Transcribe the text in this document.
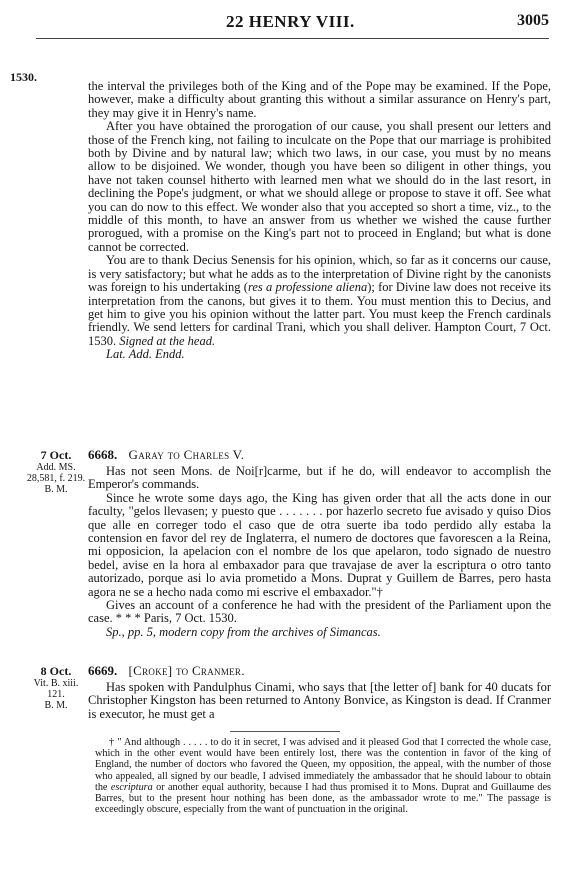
22 HENRY VIII.	3005
1530.

the interval the privileges both of the King and of the Pope may be examined. If the Pope, however, make a difficulty about granting this without a similar assurance on Henry's part, they may give it in Henry's name.

After you have obtained the prorogation of our cause, you shall present our letters and those of the French king, not failing to inculcate on the Pope that our marriage is prohibited both by Divine and by natural law; which two laws, in our case, you must by no means allow to be disjoined. We wonder, though you have been so diligent in other things, you have not taken counsel hitherto with learned men what we should do in the last resort, in declining the Pope's judgment, or what we should allege or propose to stave it off. See what you can do now to this effect. We wonder also that you accepted so short a time, viz., to the middle of this month, to have an answer from us whether we wished the cause further prorogued, with a promise on the King's part not to proceed in England; but what is done cannot be corrected.

You are to thank Decius Senensis for his opinion, which, so far as it concerns our cause, is very satisfactory; but what he adds as to the interpretation of Divine right by the canonists was foreign to his undertaking (res a professione aliena); for Divine law does not receive its interpretation from the canons, but gives it to them. You must mention this to Decius, and get him to give you his opinion without the latter part. You must keep the French cardinals friendly. We send letters for cardinal Trani, which you shall deliver. Hampton Court, 7 Oct. 1530. Signed at the head.

Lat. Add. Endd.

7 Oct.
Add. MS.
28,581, f. 219.
B. M.
6668. Garay to Charles V.

Has not seen Mons. de Noi[r]carme, but if he do, will endeavor to accomplish the Emperor's commands.

Since he wrote some days ago, the King has given order that all the acts done in our faculty, "gelos llevasen; y puesto que . . . . . . . por hazerlo secreto fue avisado y quiso Dios que alle en correger todo el caso que de otra suerte iba todo perdido ally estaba la contension en favor del rey de Inglaterra, el numero de doctores que favorescen a la Reina, mi opposicion, la apelacion con el nombre de los que apelaron, todo signado de nuestro bedel, avise en la hora al embaxador para que travajase de aver la escriptura o otro tanto autorizado, porque asi lo avia prometido a Mons. Duprat y Guillem de Barres, pero hasta agora ne se a hecho nada como mi escrive el embaxador."†

Gives an account of a conference he had with the president of the Parliament upon the case. * * * Paris, 7 Oct. 1530.

Sp., pp. 5, modern copy from the archives of Simancas.

8 Oct.
Vit. B. xiii.
121.
B. M.
6669. [Croke] to Cranmer.

Has spoken with Pandulphus Cinami, who says that [the letter of] bank for 40 ducats for Christopher Kingston has been returned to Antony Bonvice, as Kingston is dead. If Cranmer is executor, he must get a

† " And although . . . . . to do it in secret, I was advised and it pleased God that I corrected the whole case, which in the other event would have been entirely lost, there was the contention in favor of the king of England, the number of doctors who favored the Queen, my opposition, the appeal, with the number of those who appealed, all signed by our beadle, I advised immediately the ambassador that he should labour to obtain the escriptura or another equal authority, because I had thus promised it to Mons. Duprat and Guillaume des Barres, but to the present hour nothing has been done, as the ambassador wrote to me." The passage is exceedingly obscure, especially from the want of punctuation in the original.
